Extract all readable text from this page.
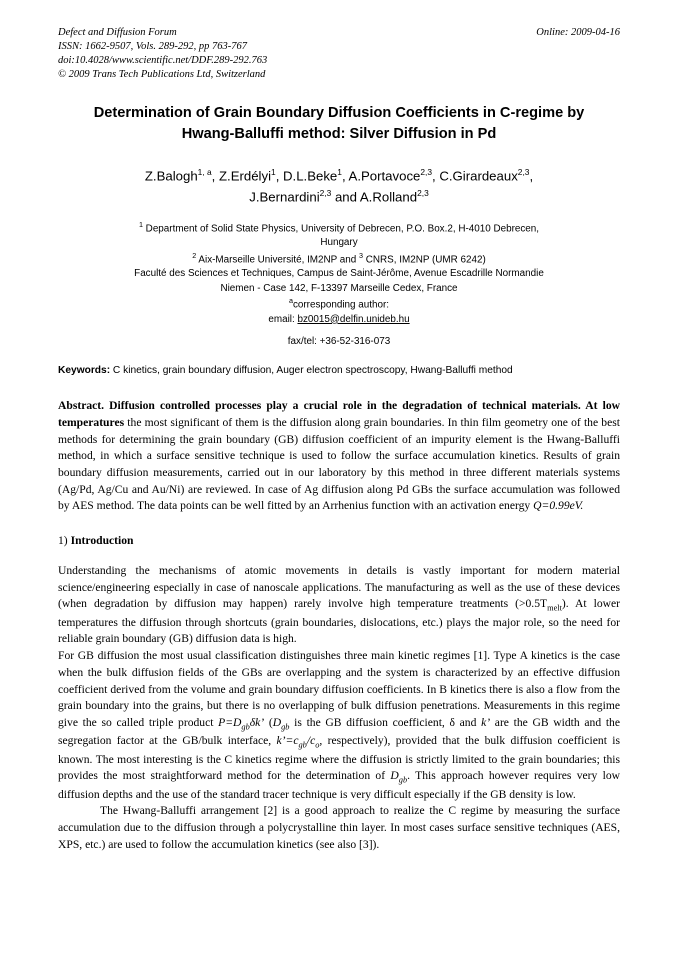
Online: 2009-04-16
Defect and Diffusion Forum
ISSN: 1662-9507, Vols. 289-292, pp 763-767
doi:10.4028/www.scientific.net/DDF.289-292.763
© 2009 Trans Tech Publications Ltd, Switzerland
Determination of Grain Boundary Diffusion Coefficients in C-regime by
Hwang-Balluffi method: Silver Diffusion in Pd
Z.Balogh$^{1, a}$, Z.Erdélyi$^1$, D.L.Beke$^1$, A.Portavoce$^{2,3}$, C.Girardeaux$^{2,3}$,
J.Bernardini$^{2,3}$ and A.Rolland$^{2,3}$
$^1$ Department of Solid State Physics, University of Debrecen, P.O. Box.2, H-4010 Debrecen,
Hungary
$^2$ Aix-Marseille Université, IM2NP and $^3$ CNRS, IM2NP (UMR 6242)
Faculté des Sciences et Techniques, Campus de Saint-Jérôme, Avenue Escadrille Normandie
Niemen - Case 142, F-13397 Marseille Cedex, France
$^a$corresponding author:
email: bz0015@delfin.unideb.hu
fax/tel: +36-52-316-073
Keywords: C kinetics, grain boundary diffusion, Auger electron spectroscopy, Hwang-Balluffi method
Abstract. Diffusion controlled processes play a crucial role in the degradation of technical materials. At low temperatures the most significant of them is the diffusion along grain boundaries. In thin film geometry one of the best methods for determining the grain boundary (GB) diffusion coefficient of an impurity element is the Hwang-Balluffi method, in which a surface sensitive technique is used to follow the surface accumulation kinetics. Results of grain boundary diffusion measurements, carried out in our laboratory by this method in three different materials systems (Ag/Pd, Ag/Cu and Au/Ni) are reviewed. In case of Ag diffusion along Pd GBs the surface accumulation was followed by AES method. The data points can be well fitted by an Arrhenius function with an activation energy Q=0.99eV.
1) Introduction
Understanding the mechanisms of atomic movements in details is vastly important for modern material science/engineering especially in case of nanoscale applications. The manufacturing as well as the use of these devices (when degradation by diffusion may happen) rarely involve high temperature treatments $(>0.5T_{melt})$. At lower temperatures the diffusion through shortcuts (grain boundaries, dislocations, etc.) plays the major role, so the need for reliable grain boundary (GB) diffusion data is high.
For GB diffusion the most usual classification distinguishes three main kinetic regimes [1]. Type A kinetics is the case when the bulk diffusion fields of the GBs are overlapping and the system is characterized by an effective diffusion coefficient derived from the volume and grain boundary diffusion coefficients. In B kinetics there is also a flow from the grain boundary into the grains, but there is no overlapping of bulk diffusion penetrations. Measurements in this regime give the so called triple product $P=D_{gb}\delta k$’ ($D_{gb}$ is the GB diffusion coefficient, δ and k’ are the GB width and the segregation factor at the GB/bulk interface, $k’=c_{gb}/c_o$, respectively), provided that the bulk diffusion coefficient is known. The most interesting is the C kinetics regime where the diffusion is strictly limited to the grain boundaries; this provides the most straightforward method for the determination of $D_{gb}$. This approach however requires very low diffusion depths and the use of the standard tracer technique is very difficult especially if the GB density is low.
The Hwang-Balluffi arrangement [2] is a good approach to realize the C regime by measuring the surface accumulation due to the diffusion through a polycrystalline thin layer. In most cases surface sensitive techniques (AES, XPS, etc.) are used to follow the accumulation kinetics (see also [3]).
